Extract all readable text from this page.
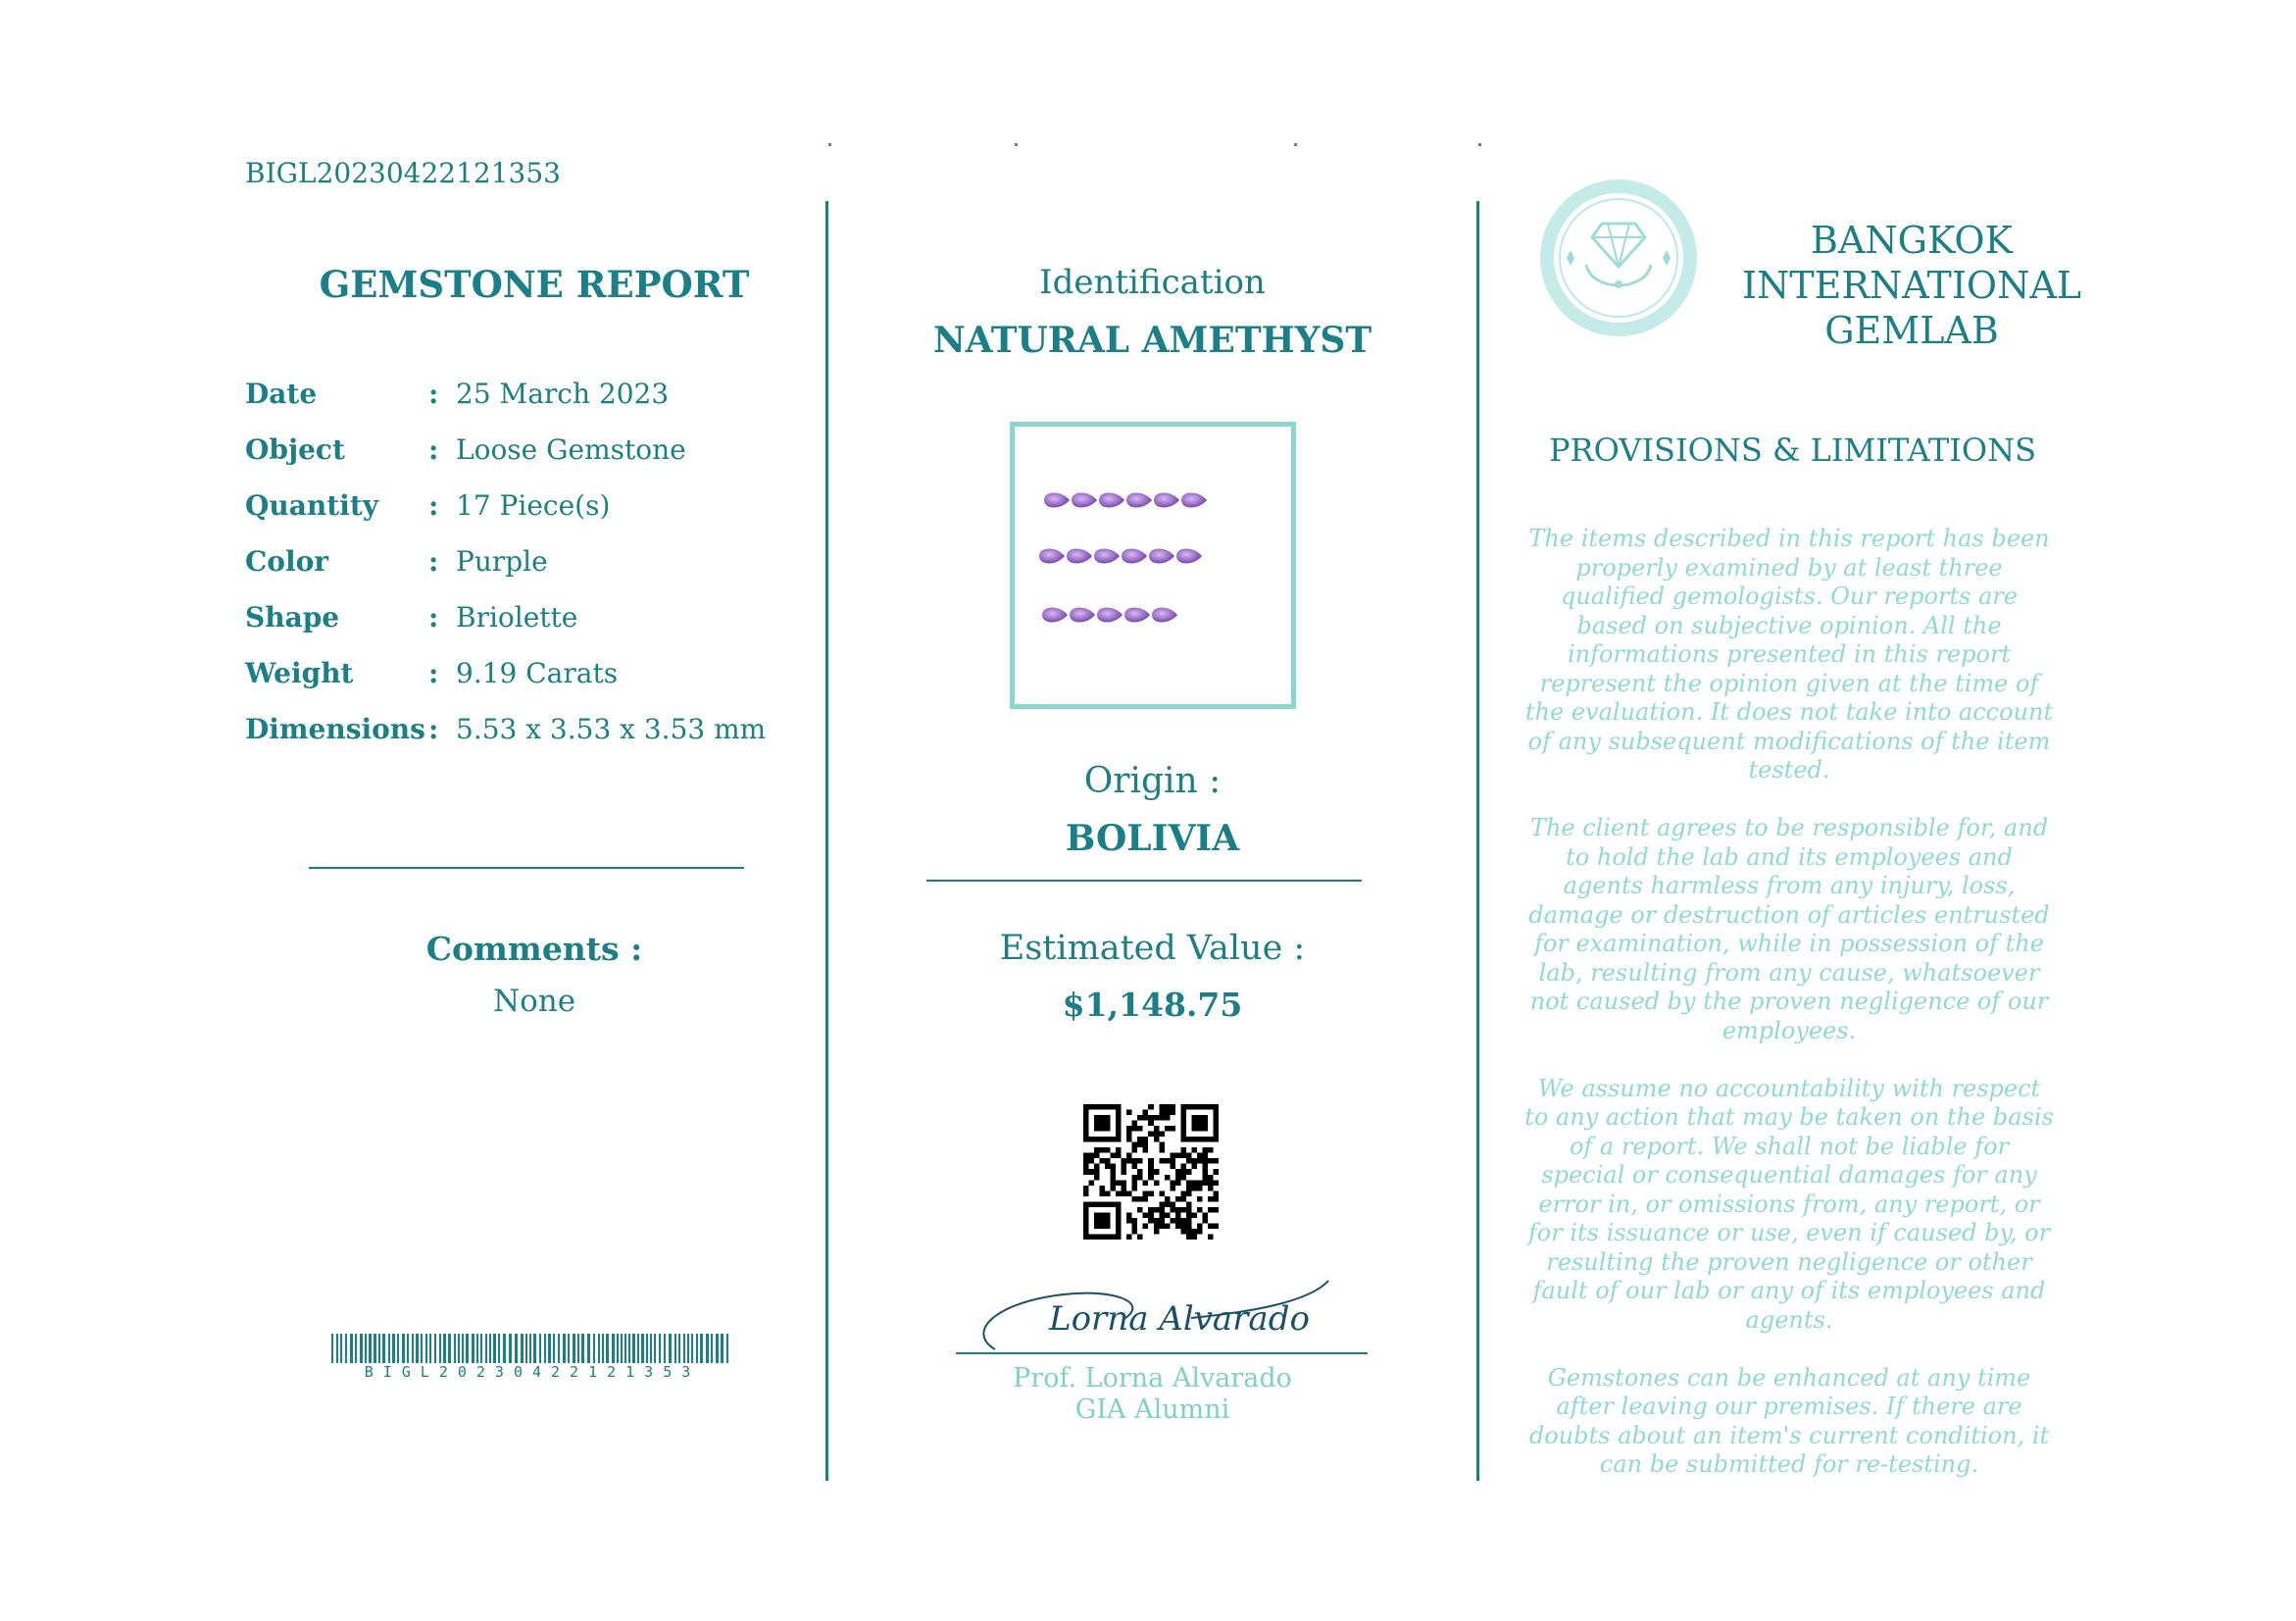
BIGL20230422121353
GEMSTONE REPORT
Date	: 25 March 2023
Object	: Loose Gemstone
Quantity : 17 Piece(s)
Color	: Purple
Shape	: Briolette
Weight	: 9.19 Carats
Dimensions : 5.53 x 3.53 x 3.53 mm
Comments :
None
BIGL20230422121353
Identification
NATURAL AMETHYST
Origin :
BOLIVIA
Estimated Value :
$1,148.75
Lorna Alvarado
Prof. Lorna Alvarado
GIA Alumni
BANGKOK
INTERNATIONAL
GEMLAB
PROVISIONS & LIMITATIONS

The items described in this report has been properly examined by at least three qualified gemologists. Our reports are based on subjective opinion. All the informations presented in this report represent the opinion given at the time of the evaluation. It does not take into account of any subsequent modifications of the item tested.

The client agrees to be responsible for, and to hold the lab and its employees and agents harmless from any injury, loss, damage or destruction of articles entrusted for examination, while in possession of the lab, resulting from any cause, whatsoever not caused by the proven negligence of our employees.

We assume no accountability with respect to any action that may be taken on the basis of a report. We shall not be liable for special or consequential damages for any error in, or omissions from, any report, or for its issuance or use, even if caused by, or resulting the proven negligence or other fault of our lab or any of its employees and agents.

Gemstones can be enhanced at any time after leaving our premises. If there are doubts about an item's current condition, it can be submitted for re-testing.
